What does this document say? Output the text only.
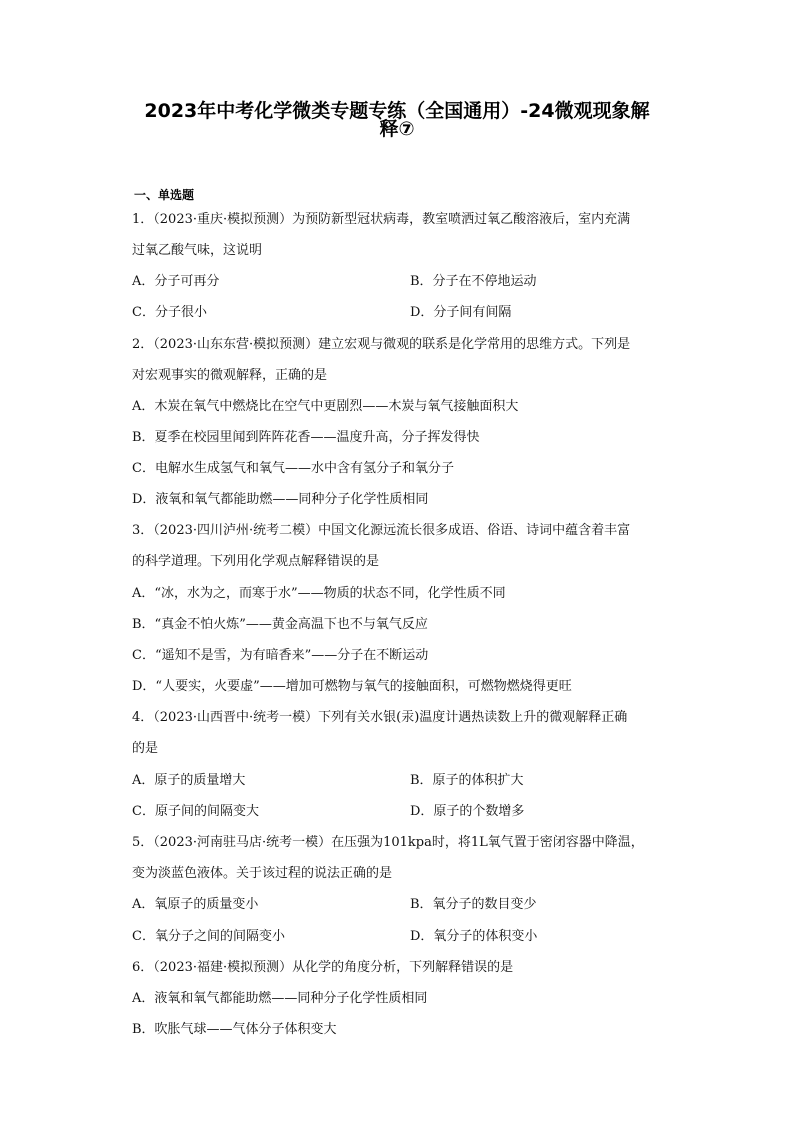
2023年中考化学微类专题专练（全国通用）-24微观现象解
释⑦
一、单选题
1．（2023·重庆·模拟预测）为预防新型冠状病毒，教室喷洒过氧乙酸溶液后，室内充满
过氧乙酸气味，这说明
A．分子可再分	B．分子在不停地运动
C．分子很小	D．分子间有间隔
2．（2023·山东东营·模拟预测）建立宏观与微观的联系是化学常用的思维方式。下列是
对宏观事实的微观解释，正确的是
A．木炭在氧气中燃烧比在空气中更剧烈——木炭与氧气接触面积大
B．夏季在校园里闻到阵阵花香——温度升高，分子挥发得快
C．电解水生成氢气和氧气——水中含有氢分子和氧分子
D．液氧和氧气都能助燃——同种分子化学性质相同
3．（2023·四川泸州·统考二模）中国文化源远流长很多成语、俗语、诗词中蕴含着丰富
的科学道理。下列用化学观点解释错误的是
A．“冰，水为之，而寒于水”——物质的状态不同，化学性质不同
B．“真金不怕火炼”——黄金高温下也不与氧气反应
C．“遥知不是雪，为有暗香来”——分子在不断运动
D．“人要实，火要虚”——增加可燃物与氧气的接触面积，可燃物燃烧得更旺
4．（2023·山西晋中·统考一模）下列有关水银(汞)温度计遇热读数上升的微观解释正确
的是
A．原子的质量增大	B．原子的体积扩大
C．原子间的间隔变大	D．原子的个数增多
5．（2023·河南驻马店·统考一模）在压强为101kpa时，将1L氧气置于密闭容器中降温，
变为淡蓝色液体。关于该过程的说法正确的是
A．氧原子的质量变小	B．氧分子的数目变少
C．氧分子之间的间隔变小	D．氧分子的体积变小
6．（2023·福建·模拟预测）从化学的角度分析，下列解释错误的是
A．液氧和氧气都能助燃——同种分子化学性质相同
B．吹胀气球——气体分子体积变大
